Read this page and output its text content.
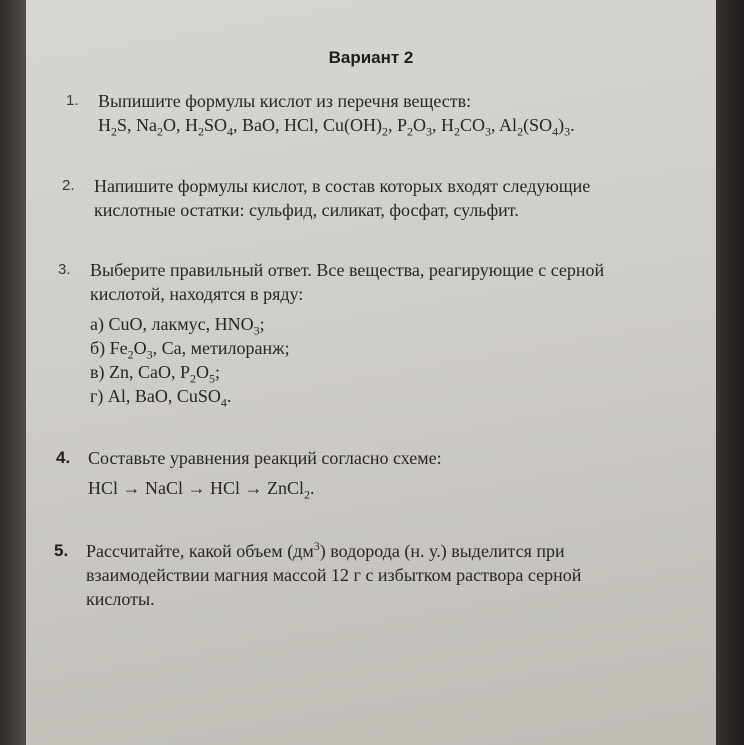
Вариант 2
1.	Выпишите формулы кислот из перечня веществ:
$H_2S$, $Na_2O$, $H_2SO_4$, BaO, HCl, $Cu(OH)_2$, $P_2O_3$, $H_2CO_3$, $Al_2(SO_4)_3$.
2.	Напишите формулы кислот, в состав которых входят следующие
кислотные остатки: сульфид, силикат, фосфат, сульфит.
3.	Выберите правильный ответ. Все вещества, реагирующие с серной
кислотой, находятся в ряду:
а) CuO, лакмус, $HNO_3$;
б) $Fe_2O_3$, Ca, метилоранж;
в) Zn, CaO, $P_2O_5$;
г) Al, BaO, CuSO$_4$.
4. Составьте уравнения реакций согласно схеме:
HCl → NaCl → HCl → ZnCl$_2$.
5. Рассчитайте, какой объем $(дм^3)$ водорода (н. у.) выделится при
взаимодействии магния массой 12 г с избытком раствора серной
кислоты.
